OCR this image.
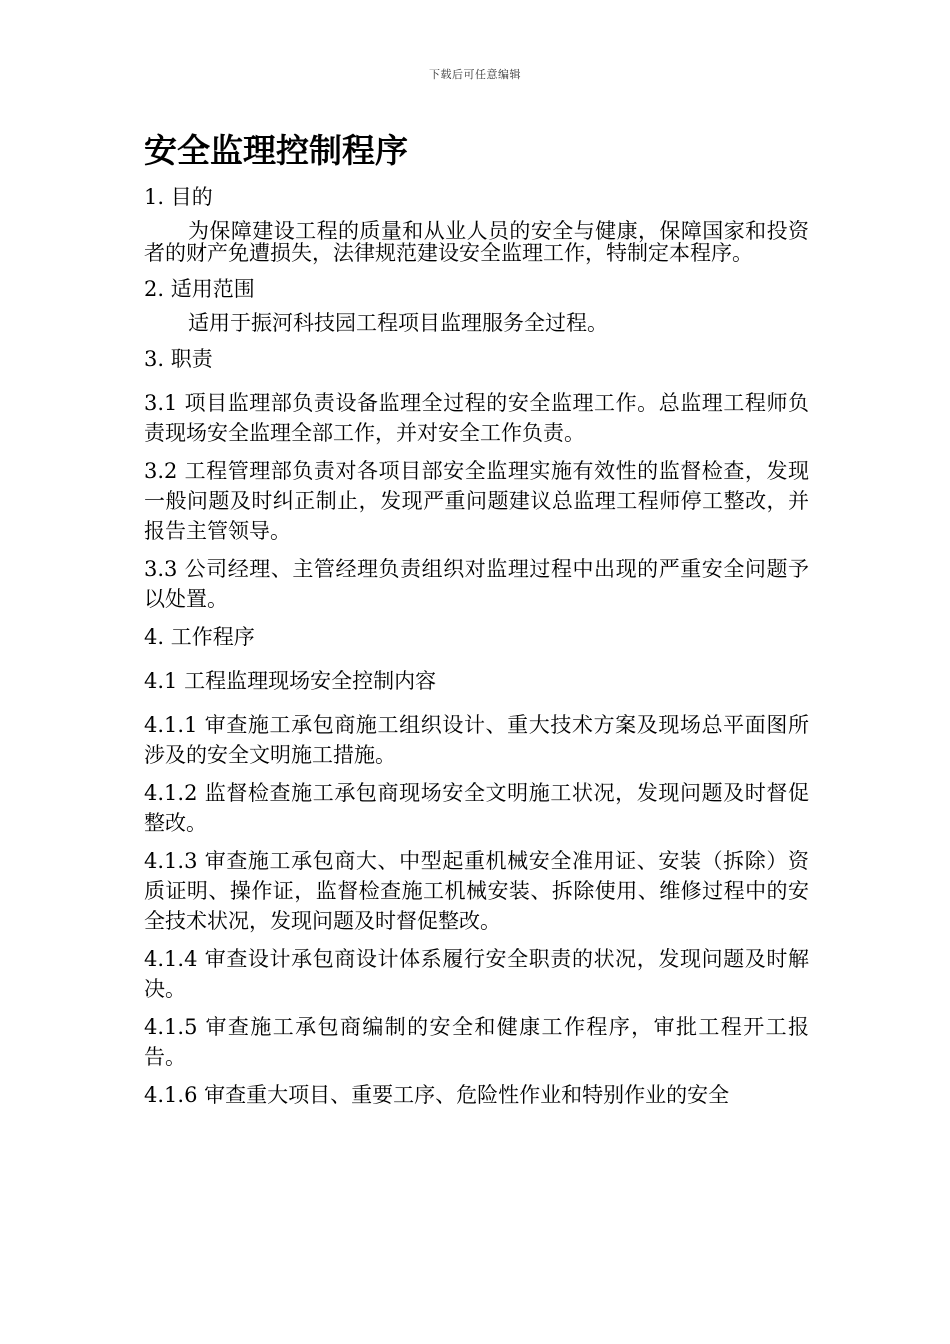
下载后可任意编辑
安全监理控制程序

1. 目的

为保障建设工程的质量和从业人员的安全与健康，保障国家和投资者的财产免遭损失，法律规范建设安全监理工作，特制定本程序。

2. 适用范围

适用于振河科技园工程项目监理服务全过程。

3. 职责

3.1 项目监理部负责设备监理全过程的安全监理工作。总监理工程师负责现场安全监理全部工作，并对安全工作负责。

3.2 工程管理部负责对各项目部安全监理实施有效性的监督检查，发现一般问题及时纠正制止，发现严重问题建议总监理工程师停工整改，并报告主管领导。

3.3 公司经理、主管经理负责组织对监理过程中出现的严重安全问题予以处置。

4. 工作程序

4.1 工程监理现场安全控制内容

4.1.1 审查施工承包商施工组织设计、重大技术方案及现场总平面图所涉及的安全文明施工措施。

4.1.2 监督检查施工承包商现场安全文明施工状况，发现问题及时督促整改。

4.1.3 审查施工承包商大、中型起重机械安全准用证、安装（拆除）资质证明、操作证，监督检查施工机械安装、拆除使用、维修过程中的安全技术状况，发现问题及时督促整改。

4.1.4 审查设计承包商设计体系履行安全职责的状况，发现问题及时解决。

4.1.5 审查施工承包商编制的安全和健康工作程序，审批工程开工报告。

4.1.6 审查重大项目、重要工序、危险性作业和特别作业的安全
